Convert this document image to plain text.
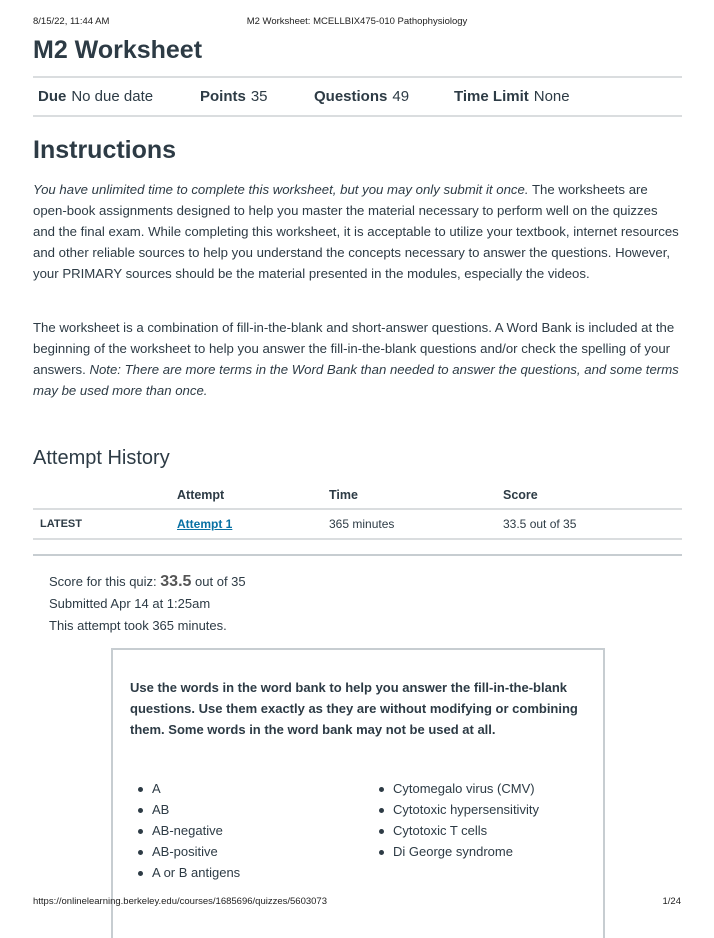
8/15/22, 11:44 AM	M2 Worksheet: MCELLBIX475-010 Pathophysiology
M2 Worksheet
Due No due date	Points 35	Questions 49	Time Limit None
Instructions

You have unlimited time to complete this worksheet, but you may only submit it once. The worksheets are open-book assignments designed to help you master the material necessary to perform well on the quizzes and the final exam. While completing this worksheet, it is acceptable to utilize your textbook, internet resources and other reliable sources to help you understand the concepts necessary to answer the questions. However, your PRIMARY sources should be the material presented in the modules, especially the videos.

The worksheet is a combination of fill-in-the-blank and short-answer questions. A Word Bank is included at the beginning of the worksheet to help you answer the fill-in-the-blank questions and/or check the spelling of your answers. Note: There are more terms in the Word Bank than needed to answer the questions, and some terms may be used more than once.

Attempt History
	Attempt	Time	Score
LATEST	Attempt 1	365 minutes	33.5 out of 35
Score for this quiz: 33.5 out of 35
Submitted Apr 14 at 1:25am
This attempt took 365 minutes.

Use the words in the word bank to help you answer the fill-in-the-blank questions. Use them exactly as they are without modifying or combining them. Some words in the word bank may not be used at all.

A
AB
AB-negative
AB-positive
A or B antigens
Cytomegalo virus (CMV)
Cytotoxic hypersensitivity
Cytotoxic T cells
Di George syndrome
https://onlinelearning.berkeley.edu/courses/1685696/quizzes/5603073	1/24
